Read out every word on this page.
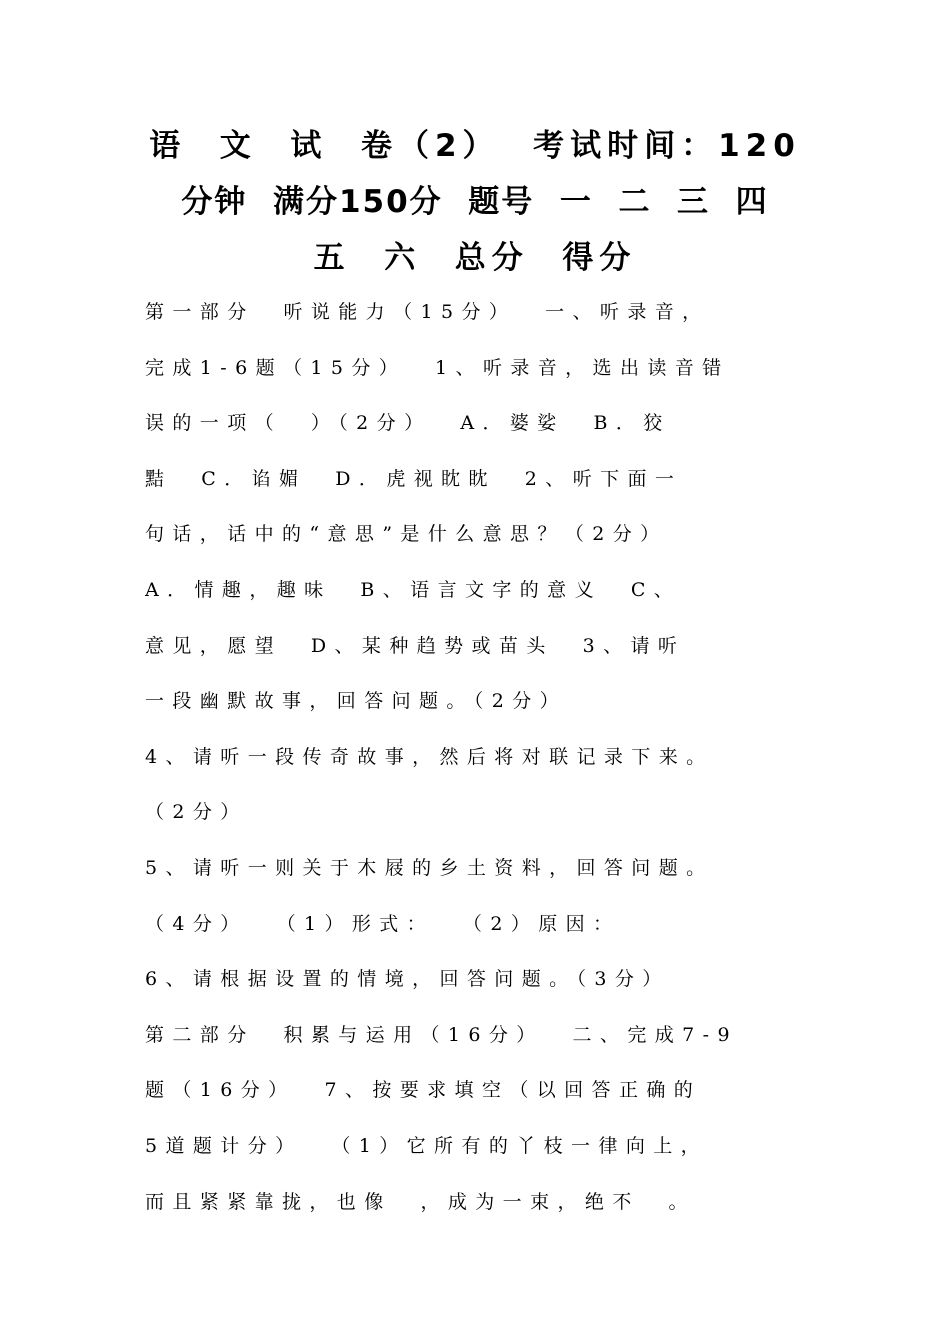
语  文  试  卷（2）  考试时间：120
分钟  满分150分  题号  一  二  三  四
五  六  总分  得分
第一部分  听说能力（15分）  一、听录音，
完成1-6题（15分）  1、听录音，选出读音错
误的一项（  ）（2分）  A．婆娑  B．狡
黠  C．谄媚  D．虎视眈眈  2、听下面一
句话，话中的“意思”是什么意思？（2分）
A．情趣，趣味  B、语言文字的意义  C、
意见，愿望  D、某种趋势或苗头  3、请听
一段幽默故事，回答问题。（2分）
4、请听一段传奇故事，然后将对联记录下来。
（2分）
5、请听一则关于木屐的乡土资料，回答问题。
（4分）  （1）形式：  （2）原因：
6、请根据设置的情境，回答问题。（3分）
第二部分  积累与运用（16分）  二、完成7-9
题（16分）  7、按要求填空（以回答正确的
5道题计分）  （1）它所有的丫枝一律向上，
而且紧紧靠拢，也像  ，成为一束，绝不  。
